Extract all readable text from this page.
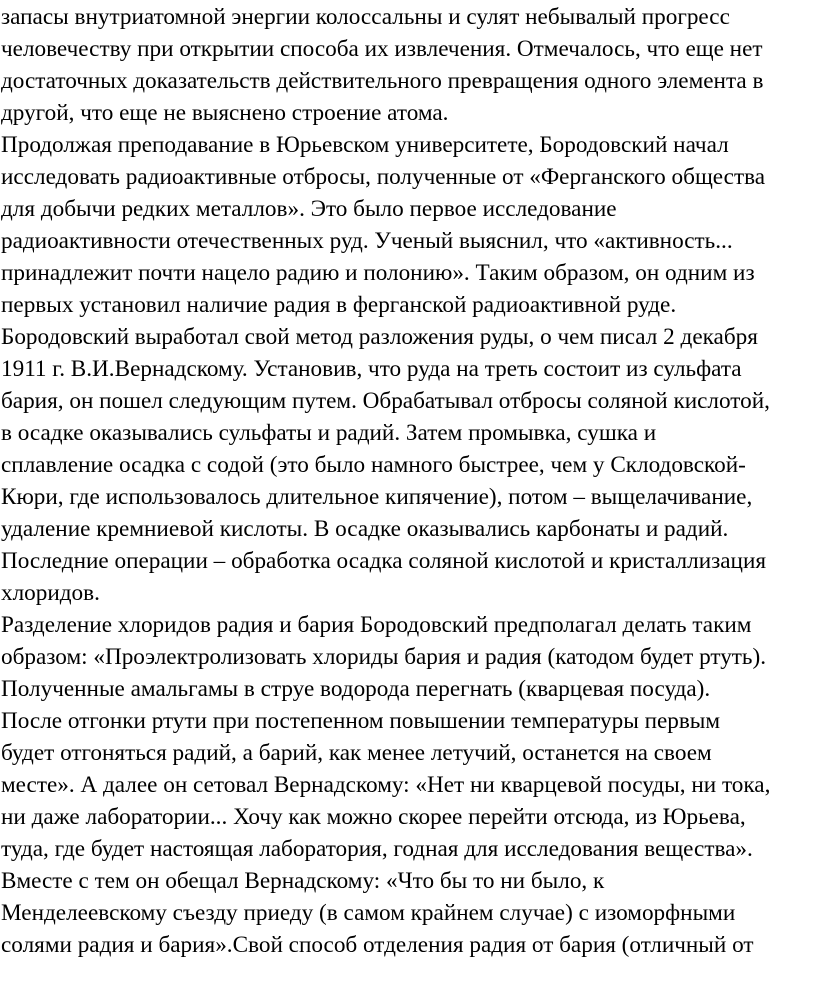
запасы внутриатомной энергии колоссальны и сулят небывалый прогресс
человечеству при открытии способа их извлечения. Отмечалось, что еще нет
достаточных доказательств действительного превращения одного элемента в
другой, что еще не выяснено строение атома.
Продолжая преподавание в Юрьевском университете, Бородовский начал
исследовать радиоактивные отбросы, полученные от «Ферганского общества
для добычи редких металлов». Это было первое исследование
радиоактивности отечественных руд. Ученый выяснил, что «активность...
принадлежит почти нацело радию и полонию». Таким образом, он одним из
первых установил наличие радия в ферганской радиоактивной руде.
Бородовский выработал свой метод разложения руды, о чем писал 2 декабря
1911 г. В.И.Вернадскому. Установив, что руда на треть состоит из сульфата
бария, он пошел следующим путем. Обрабатывал отбросы соляной кислотой,
в осадке оказывались сульфаты и радий. Затем промывка, сушка и
сплавление осадка с содой (это было намного быстрее, чем у Склодовской-
Кюри, где использовалось длительное кипячение), потом – выщелачивание,
удаление кремниевой кислоты. В осадке оказывались карбонаты и радий.
Последние операции – обработка осадка соляной кислотой и кристаллизация
хлоридов.
Разделение хлоридов радия и бария Бородовский предполагал делать таким
образом: «Проэлектролизовать хлориды бария и радия (катодом будет ртуть).
Полученные амальгамы в струе водорода перегнать (кварцевая посуда).
После отгонки ртути при постепенном повышении температуры первым
будет отгоняться радий, а барий, как менее летучий, останется на своем
месте». А далее он сетовал Вернадскому: «Нет ни кварцевой посуды, ни тока,
ни даже лаборатории... Хочу как можно скорее перейти отсюда, из Юрьева,
туда, где будет настоящая лаборатория, годная для исследования вещества».
Вместе с тем он обещал Вернадскому: «Что бы то ни было, к
Менделеевскому съезду приеду (в самом крайнем случае) с изоморфными
солями радия и бария».Свой способ отделения радия от бария (отличный от
